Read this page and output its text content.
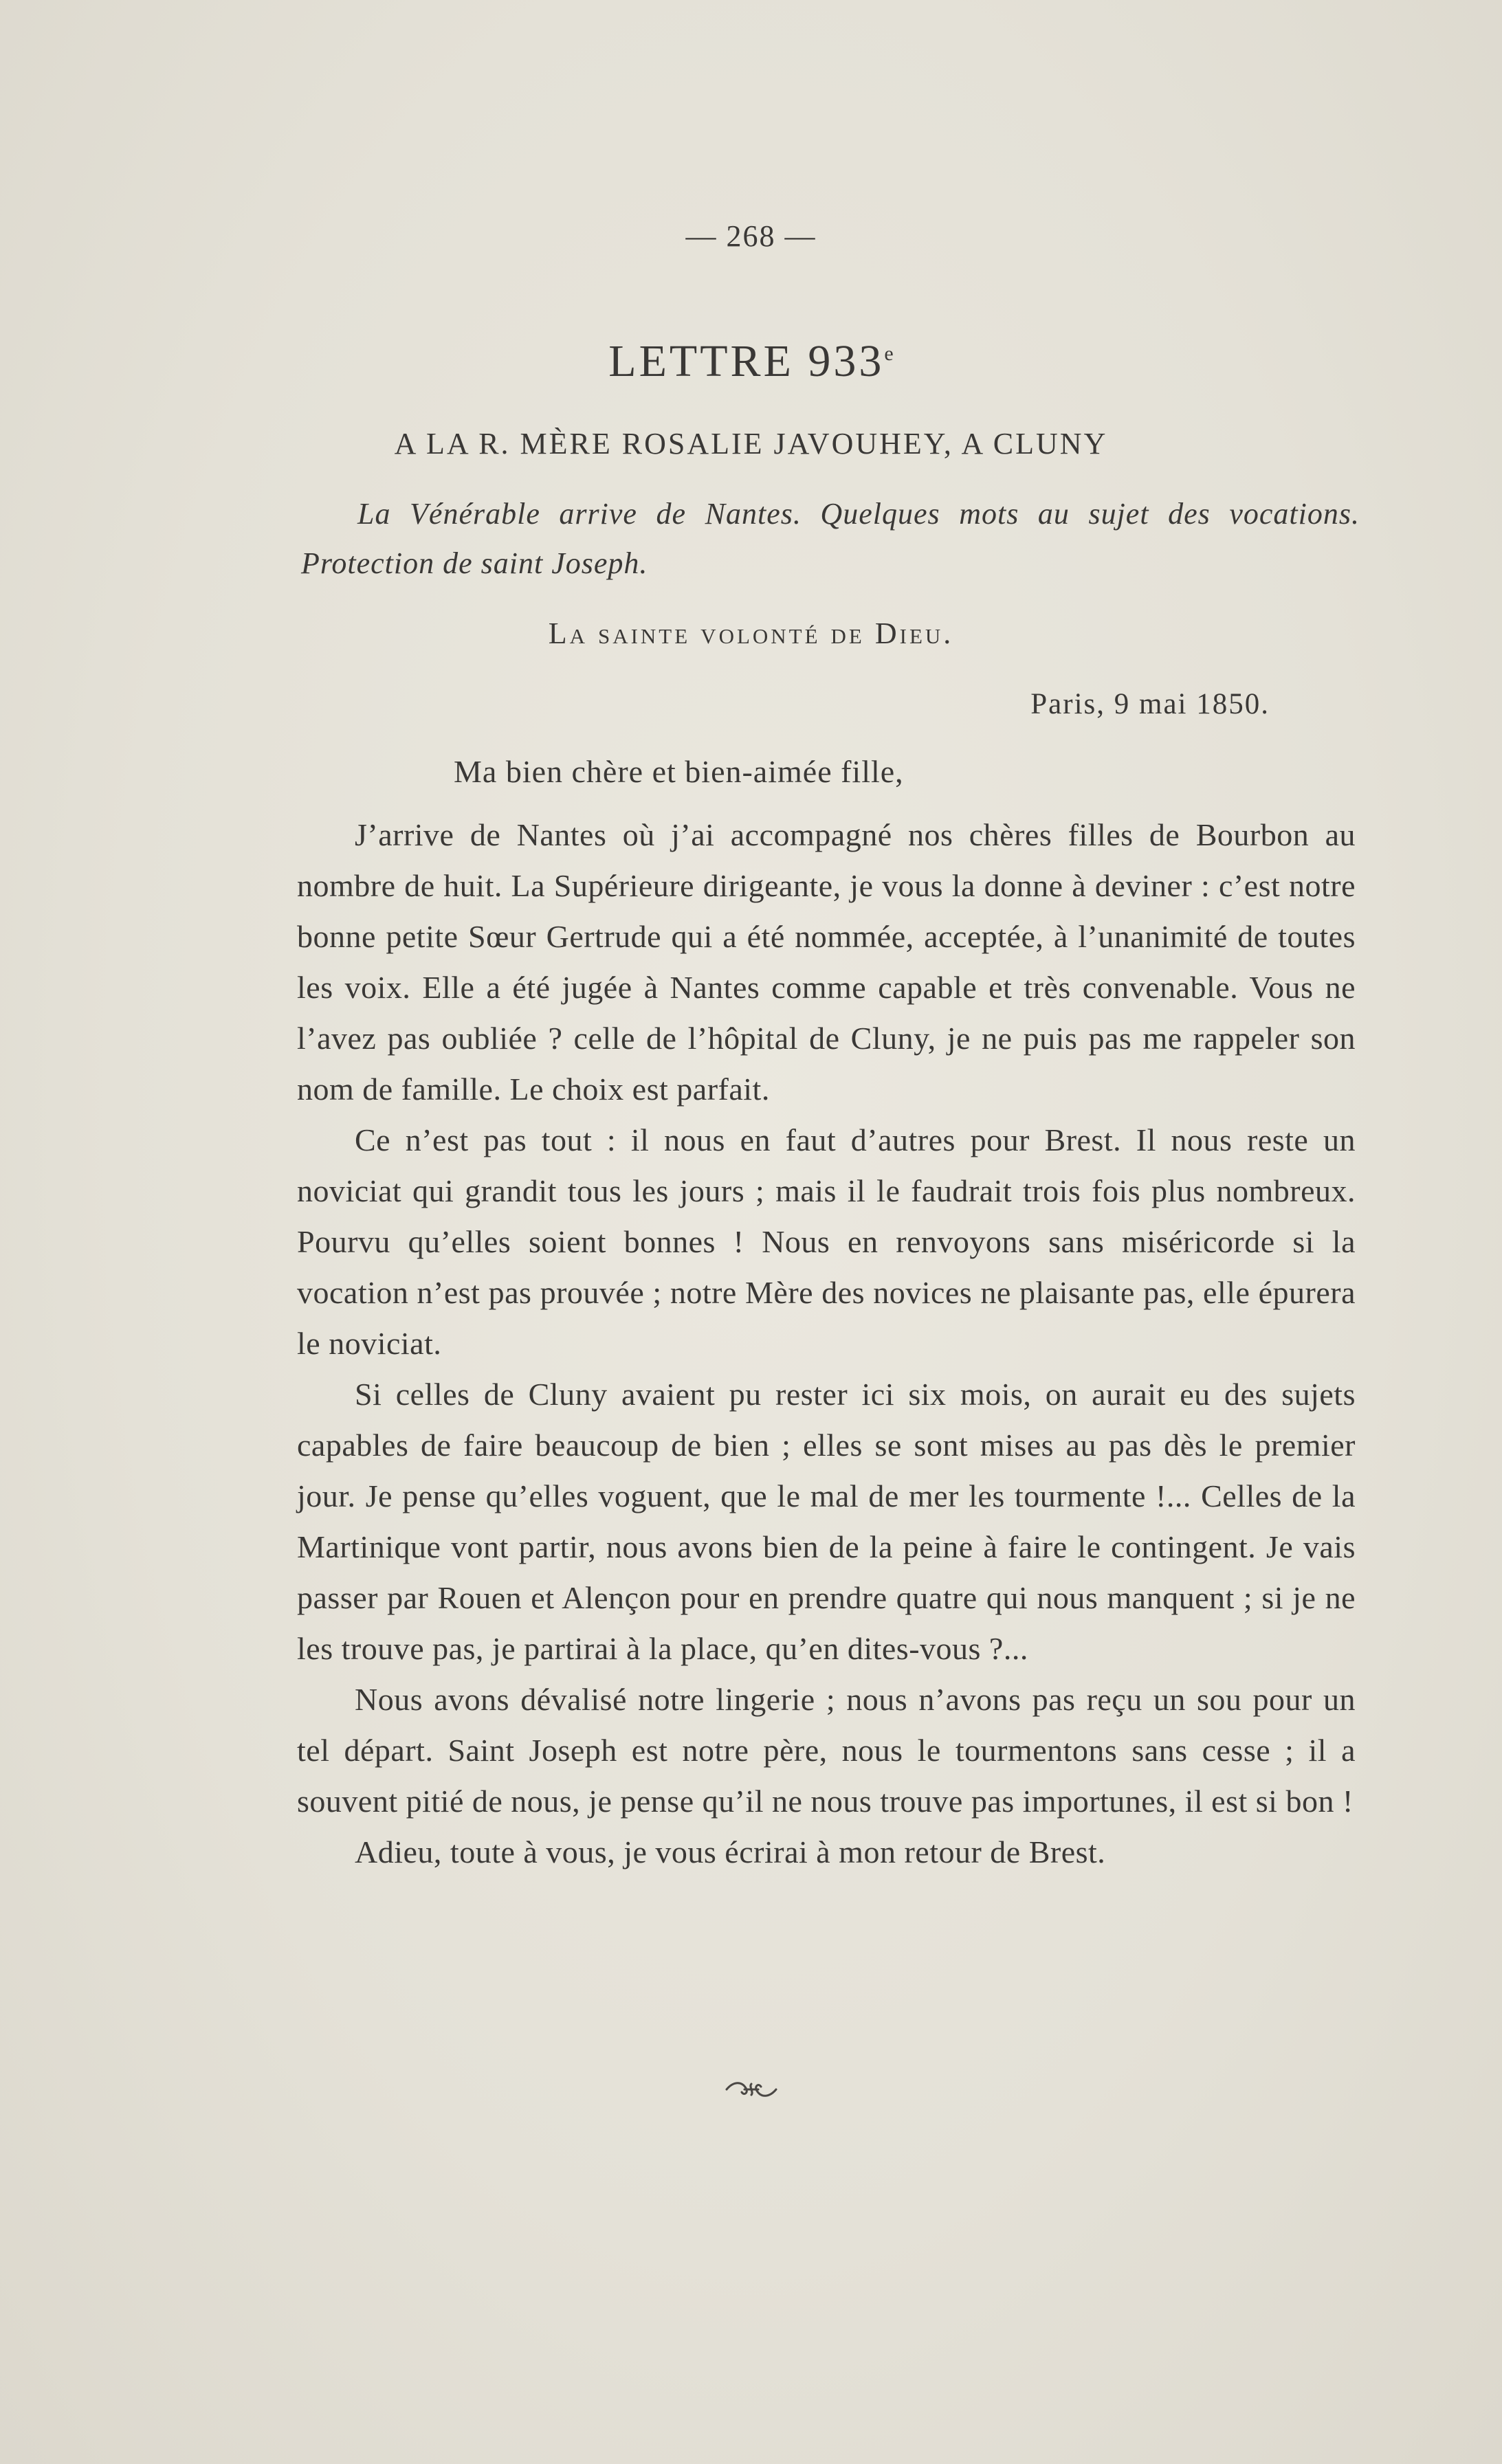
— 268 —
LETTRE 933e
A LA R. MÈRE ROSALIE JAVOUHEY, A CLUNY
La Vénérable arrive de Nantes. Quelques mots au sujet des vocations. Protection de saint Joseph.
La sainte volonté de Dieu.
Paris, 9 mai 1850.
Ma bien chère et bien-aimée fille,

J’arrive de Nantes où j’ai accompagné nos chères filles de Bourbon au nombre de huit. La Supérieure dirigeante, je vous la donne à deviner : c’est notre bonne petite Sœur Gertrude qui a été nommée, acceptée, à l’unanimité de toutes les voix. Elle a été jugée à Nantes comme capable et très convenable. Vous ne l’avez pas oubliée ? celle de l’hôpital de Cluny, je ne puis pas me rappeler son nom de famille. Le choix est parfait.

Ce n’est pas tout : il nous en faut d’autres pour Brest. Il nous reste un noviciat qui grandit tous les jours ; mais il le faudrait trois fois plus nombreux. Pourvu qu’elles soient bonnes ! Nous en renvoyons sans miséricorde si la vocation n’est pas prouvée ; notre Mère des novices ne plaisante pas, elle épurera le noviciat.

Si celles de Cluny avaient pu rester ici six mois, on aurait eu des sujets capables de faire beaucoup de bien ; elles se sont mises au pas dès le premier jour. Je pense qu’elles voguent, que le mal de mer les tourmente !... Celles de la Martinique vont partir, nous avons bien de la peine à faire le contingent. Je vais passer par Rouen et Alençon pour en prendre quatre qui nous manquent ; si je ne les trouve pas, je partirai à la place, qu’en dites-vous ?...

Nous avons dévalisé notre lingerie ; nous n’avons pas reçu un sou pour un tel départ. Saint Joseph est notre père, nous le tourmentons sans cesse ; il a souvent pitié de nous, je pense qu’il ne nous trouve pas importunes, il est si bon !

Adieu, toute à vous, je vous écrirai à mon retour de Brest.
